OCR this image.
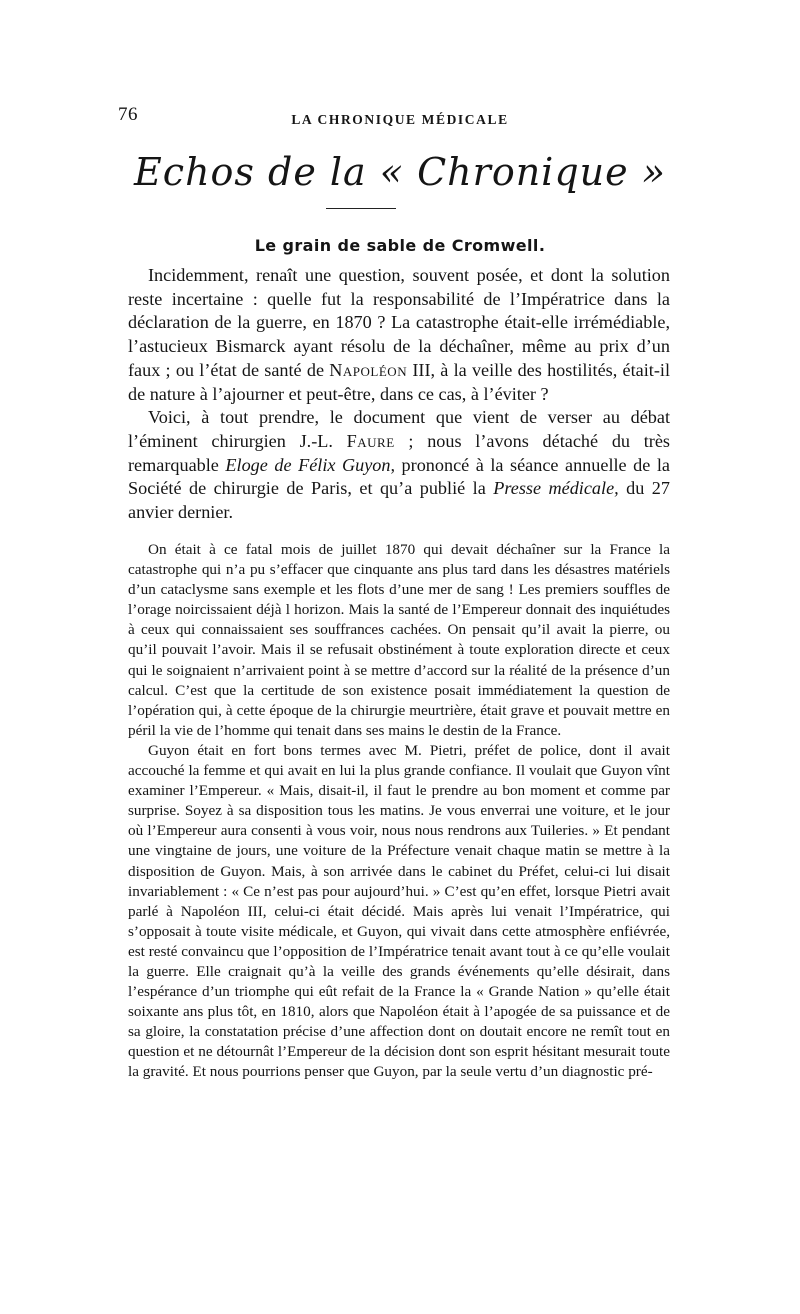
76	LA CHRONIQUE MÉDICALE
Echos de la « Chronique »
Le grain de sable de Cromwell.

Incidemment, renaît une question, souvent posée, et dont la solution reste incertaine : quelle fut la responsabilité de l’Impératrice dans la déclaration de la guerre, en 1870 ? La catastrophe était-elle irrémédiable, l’astucieux Bismarck ayant résolu de la déchaîner, même au prix d’un faux ; ou l’état de santé de Napoléon III, à la veille des hostilités, était-il de nature à l’ajourner et peut-être, dans ce cas, à l’éviter ?

Voici, à tout prendre, le document que vient de verser au débat l’éminent chirurgien J.-L. Faure ; nous l’avons détaché du très remarquable Eloge de Félix Guyon, prononcé à la séance annuelle de la Société de chirurgie de Paris, et qu’a publié la Presse médicale, du 27 anvier dernier.

On était à ce fatal mois de juillet 1870 qui devait déchaîner sur la France la catastrophe qui n’a pu s’effacer que cinquante ans plus tard dans les désastres matériels d’un cataclysme sans exemple et les flots d’une mer de sang ! Les premiers souffles de l’orage noircissaient déjà l horizon. Mais la santé de l’Empereur donnait des inquiétudes à ceux qui connaissaient ses souffrances cachées. On pensait qu’il avait la pierre, ou qu’il pouvait l’avoir. Mais il se refusait obstinément à toute exploration directe et ceux qui le soignaient n’arrivaient point à se mettre d’accord sur la réalité de la présence d’un calcul. C’est que la certitude de son existence posait immédiatement la question de l’opération qui, à cette époque de la chirurgie meurtrière, était grave et pouvait mettre en péril la vie de l’homme qui tenait dans ses mains le destin de la France.

Guyon était en fort bons termes avec M. Pietri, préfet de police, dont il avait accouché la femme et qui avait en lui la plus grande confiance. Il voulait que Guyon vînt examiner l’Empereur. « Mais, disait-il, il faut le prendre au bon moment et comme par surprise. Soyez à sa disposition tous les matins. Je vous enverrai une voiture, et le jour où l’Empereur aura consenti à vous voir, nous nous rendrons aux Tuileries. » Et pendant une vingtaine de jours, une voiture de la Préfecture venait chaque matin se mettre à la disposition de Guyon. Mais, à son arrivée dans le cabinet du Préfet, celui-ci lui disait invariablement : « Ce n’est pas pour aujourd’hui. » C’est qu’en effet, lorsque Pietri avait parlé à Napoléon III, celui-ci était décidé. Mais après lui venait l’Impératrice, qui s’opposait à toute visite médicale, et Guyon, qui vivait dans cette atmosphère enfiévrée, est resté convaincu que l’opposition de l’Impératrice tenait avant tout à ce qu’elle voulait la guerre. Elle craignait qu’à la veille des grands événements qu’elle désirait, dans l’espérance d’un triomphe qui eût refait de la France la « Grande Nation » qu’elle était soixante ans plus tôt, en 1810, alors que Napoléon était à l’apogée de sa puissance et de sa gloire, la constatation précise d’une affection dont on doutait encore ne remît tout en question et ne détournât l’Empereur de la décision dont son esprit hésitant mesurait toute la gravité. Et nous pourrions penser que Guyon, par la seule vertu d’un diagnostic pré-
